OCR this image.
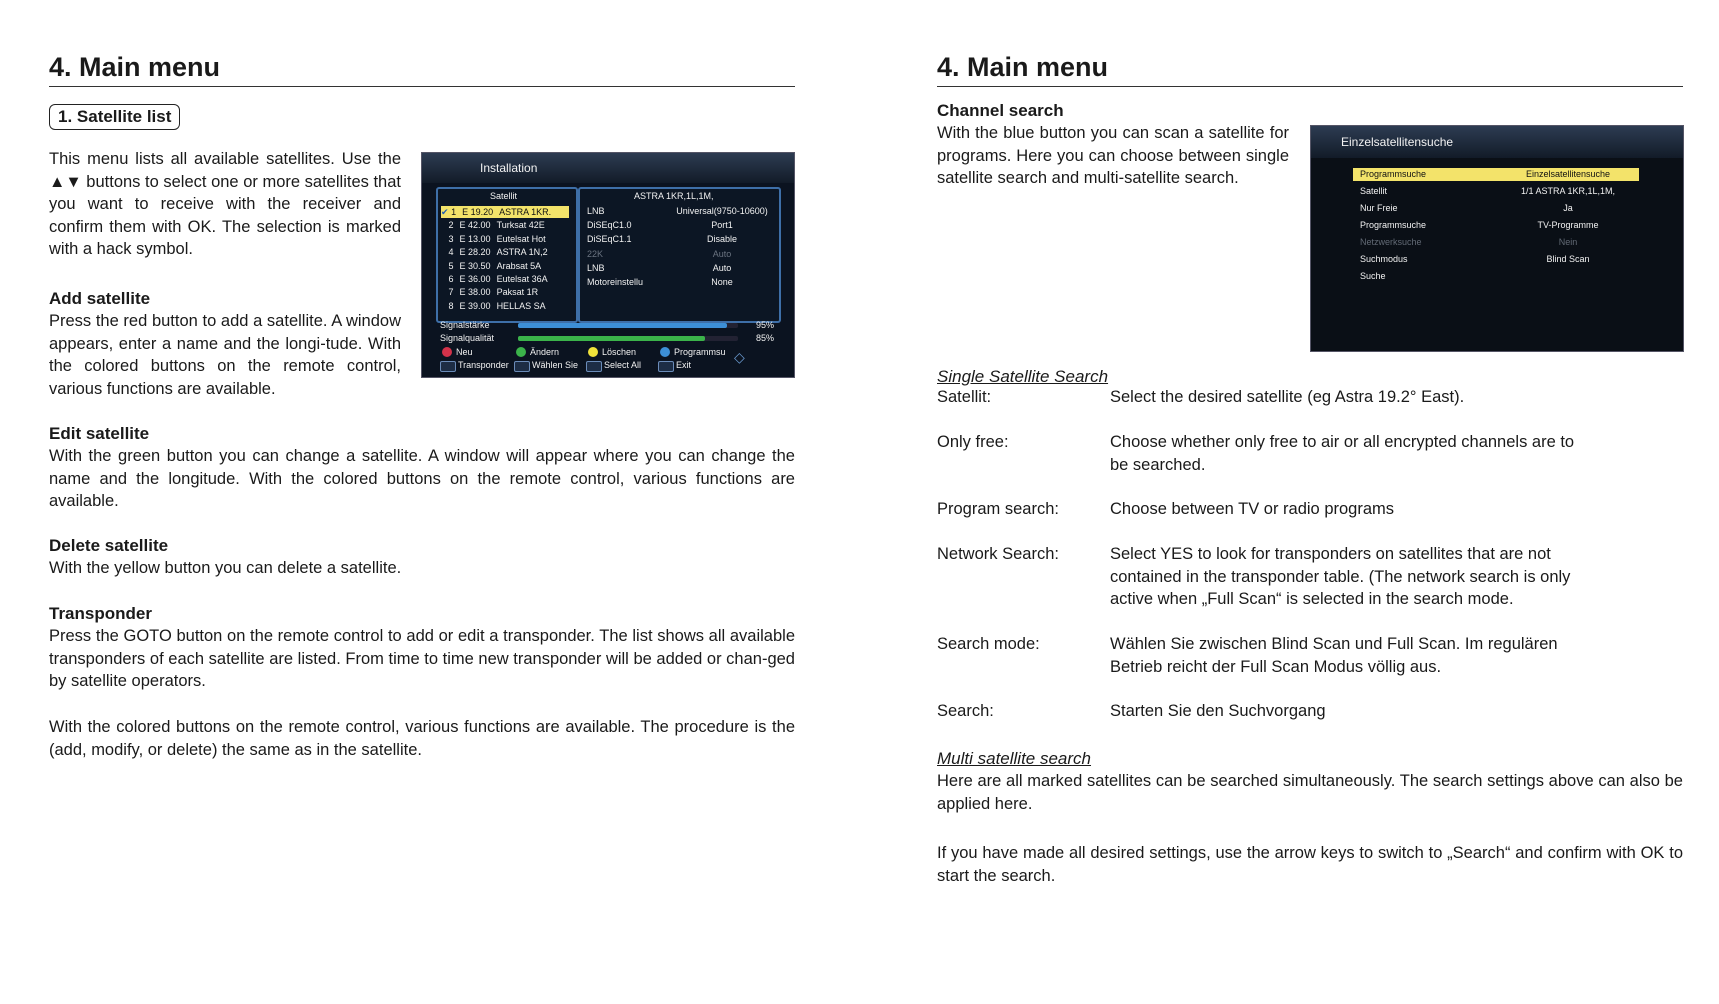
4. Main menu
1. Satellite list
This menu lists all available satellites. Use the ▲▼ buttons to select one or more satellites that you want to receive with the receiver and confirm them with OK. The selection is marked with a hack symbol.
Installation
Satellit
✔ 1 E 19.20 ASTRA 1KR.
2 E 42.00 Turksat 42E
3 E 13.00 Eutelsat Hot
4 E 28.20 ASTRA 1N,2
5 E 30.50 Arabsat 5A
6 E 36.00 Eutelsat 36A
7 E 38.00 Paksat 1R
8 E 39.00 HELLAS SA
ASTRA 1KR,1L,1M,
LNB	Universal(9750-10600)
DiSEqC1.0	Port1
DiSEqC1.1	Disable
22K	Auto
LNB	Auto
Motoreinstellu	None
Signalstärke	95%
Signalqualität	85%
Neu	Ändern	Löschen	Programmsu
Transponder	Wählen Sie	Select All	Exit	◇
Add satellite
Press the red button to add a satellite. A window appears, enter a name and the longi-tude. With the colored buttons on the remote control, various functions are available.
Edit satellite
With the green button you can change a satellite. A window will appear where you can change the name and the longitude. With the colored buttons on the remote control, various functions are available.
Delete satellite
With the yellow button you can delete a satellite.
Transponder
Press the GOTO button on the remote control to add or edit a transponder. The list shows all available transponders of each satellite are listed. From time to time new transponder will be added or chan-ged by satellite operators.
With the colored buttons on the remote control, various functions are available. The procedure is the (add, modify, or delete) the same as in the satellite.
4. Main menu
Channel search
With the blue button you can scan a satellite for programs. Here you can choose between single satellite search and multi-satellite search.
Einzelsatellitensuche
Programmsuche	Einzelsatellitensuche
Satellit	1/1 ASTRA 1KR,1L,1M,
Nur Freie	Ja
Programmsuche	TV-Programme
Netzwerksuche	Nein
Suchmodus	Blind Scan
Suche
Single Satellite Search
Satellit:	Select the desired satellite (eg Astra 19.2° East).
Only free:	Choose whether only free to air or all encrypted channels are to be searched.
Program search:	Choose between TV or radio programs
Network Search:	Select YES to look for transponders on satellites that are not contained in the transponder table. (The network search is only active when „Full Scan“ is selected in the search mode.
Search mode:	Wählen Sie zwischen Blind Scan und Full Scan. Im regulären Betrieb reicht der Full Scan Modus völlig aus.
Search:	Starten Sie den Suchvorgang
Multi satellite search
Here are all marked satellites can be searched simultaneously. The search settings above can also be applied here.
If you have made all desired settings, use the arrow keys to switch to „Search“ and confirm with OK to start the search.
